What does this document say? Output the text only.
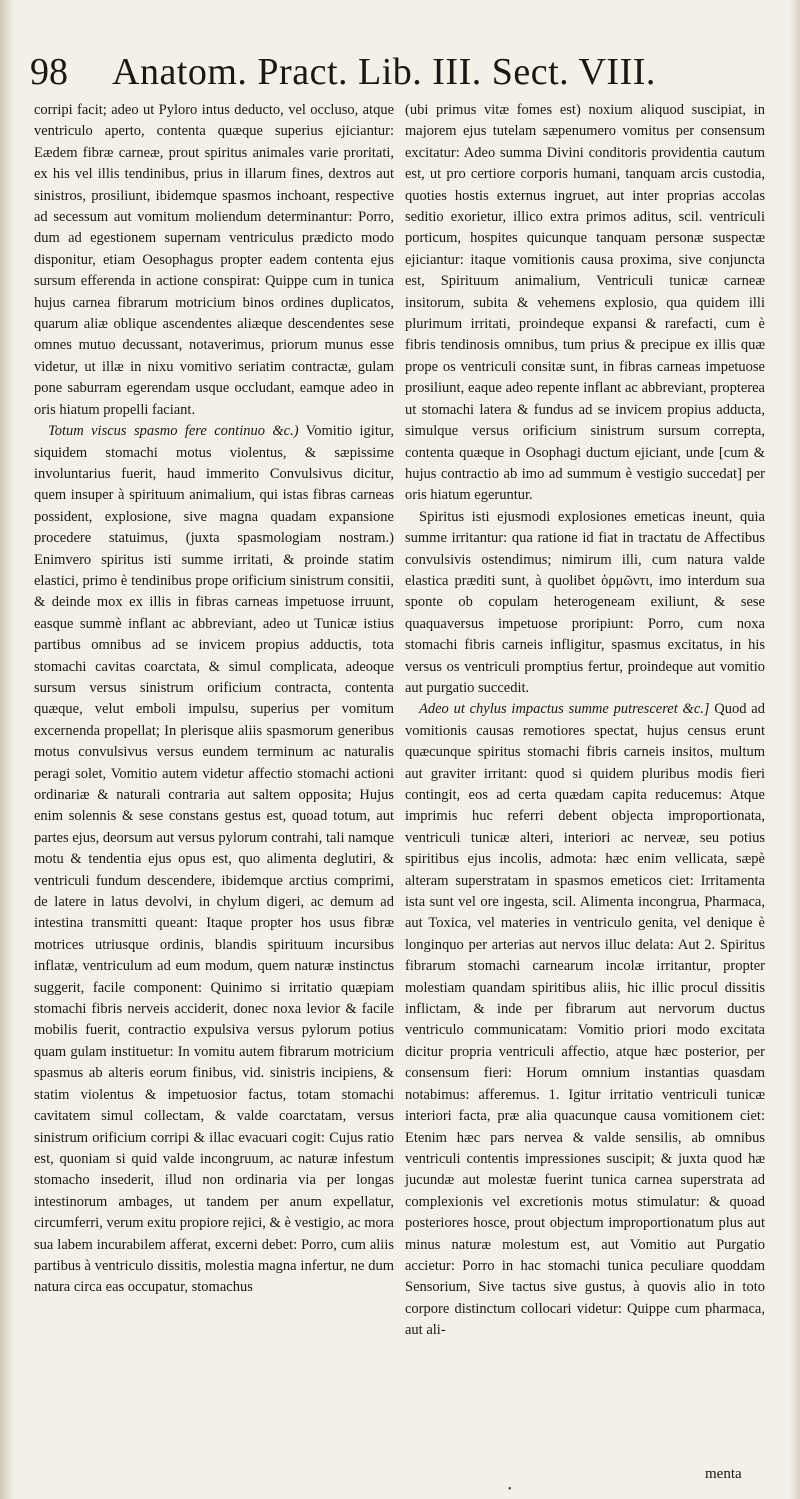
98 Anatom. Pract. Lib. III. Sect. VIII.

corripi facit; adeo ut Pyloro intus deducto, vel occluso, atque ventriculo aperto, contenta quæque superius ejiciantur: Eædem fibræ carneæ, prout spiritus animales varie proritati, ex his vel illis tendinibus, prius in illarum fines, dextros aut sinistros, prosiliunt, ibidemque spasmos inchoant, respective ad secessum aut vomitum moliendum determinantur: Porro, dum ad egestionem supernam ventriculus prædicto modo disponitur, etiam Oesophagus propter eadem contenta ejus sursum efferenda in actione conspirat: Quippe cum in tunica hujus carnea fibrarum motricium binos ordines duplicatos, quarum aliæ oblique ascendentes aliæque descendentes sese omnes mutuo decussant, notaverimus, priorum munus esse videtur, ut illæ in nixu vomitivo seriatim contractæ, gulam pone saburram egerendam usque occludant, eamque adeo in oris hiatum propelli faciant.

Totum viscus spasmo fere continuo &c.) Vomitio igitur, siquidem stomachi motus violentus, & sæpissime involuntarius fuerit, haud immerito Convulsivus dicitur, quem insuper à spirituum animalium, qui istas fibras carneas possident, explosione, sive magna quadam expansione procedere statuimus, (juxta spasmologiam nostram.) Enimvero spiritus isti summe irritati, & proinde statim elastici, primo è tendinibus prope orificium sinistrum consitii, & deinde mox ex illis in fibras carneas impetuose irruunt, easque summè inflant ac abbreviant, adeo ut Tunicæ istius partibus omnibus ad se invicem propius adductis, tota stomachi cavitas coarctata, & simul complicata, adeoque sursum versus sinistrum orificium contracta, contenta quæque, velut emboli impulsu, superius per vomitum excernenda propellat; In plerisque aliis spasmorum generibus motus convulsivus versus eundem terminum ac naturalis peragi solet, Vomitio autem videtur affectio stomachi actioni ordinariæ & naturali contraria aut saltem opposita; Hujus enim solennis & sese constans gestus est, quoad totum, aut partes ejus, deorsum aut versus pylorum contrahi, tali namque motu & tendentia ejus opus est, quo alimenta deglutiri, & ventriculi fundum descendere, ibidemque arctius comprimi, de latere in latus devolvi, in chylum digeri, ac demum ad intestina transmitti queant: Itaque propter hos usus fibræ motrices utriusque ordinis, blandis spirituum incursibus inflatæ, ventriculum ad eum modum, quem naturæ instinctus suggerit, facile component: Quinimo si irritatio quæpiam stomachi fibris nerveis acciderit, donec noxa levior & facile mobilis fuerit, contractio expulsiva versus pylorum potius quam gulam instituetur: In vomitu autem fibrarum motricium spasmus ab alteris eorum finibus, vid. sinistris incipiens, & statim violentus & impetuosior factus, totam stomachi cavitatem simul collectam, & valde coarctatam, versus sinistrum orificium corripi & illac evacuari cogit: Cujus ratio est, quoniam si quid valde incongruum, ac naturæ infestum stomacho insederit, illud non ordinaria via per longas intestinorum ambages, ut tandem per anum expellatur, circumferri, verum exitu propiore rejici, & è vestigio, ac mora sua labem incurabilem afferat, excerni debet: Porro, cum aliis partibus à ventriculo dissitis, molestia magna infertur, ne dum natura circa eas occupatur, stomachus

(ubi primus vitæ fomes est) noxium aliquod suscipiat, in majorem ejus tutelam sæpenumero vomitus per consensum excitatur: Adeo summa Divini conditoris providentia cautum est, ut pro certiore corporis humani, tanquam arcis custodia, quoties hostis externus ingruet, aut inter proprias accolas seditio exorietur, illico extra primos aditus, scil. ventriculi porticum, hospites quicunque tanquam personæ suspectæ ejiciantur: itaque vomitionis causa proxima, sive conjuncta est, Spirituum animalium, Ventriculi tunicæ carneæ insitorum, subita & vehemens explosio, qua quidem illi plurimum irritati, proindeque expansi & rarefacti, cum è fibris tendinosis omnibus, tum prius & precipue ex illis quæ prope os ventriculi consitæ sunt, in fibras carneas impetuose prosiliunt, eaque adeo repente inflant ac abbreviant, propterea ut stomachi latera & fundus ad se invicem propius adducta, simulque versus orificium sinistrum sursum correpta, contenta quæque in Osophagi ductum ejiciant, unde [cum & hujus contractio ab imo ad summum è vestigio succedat] per oris hiatum egeruntur.

Spiritus isti ejusmodi explosiones emeticas ineunt, quia summe irritantur: qua ratione id fiat in tractatu de Affectibus convulsivis ostendimus; nimirum illi, cum natura valde elastica præditi sunt, à quolibet ὁρμῶντι, imo interdum sua sponte ob copulam heterogeneam exiliunt, & sese quaquaversus impetuose proripiunt: Porro, cum noxa stomachi fibris carneis infligitur, spasmus excitatus, in his versus os ventriculi promptius fertur, proindeque aut vomitio aut purgatio succedit.

Adeo ut chylus impactus summe putresceret &c.] Quod ad vomitionis causas remotiores spectat, hujus census erunt quæcunque spiritus stomachi fibris carneis insitos, multum aut graviter irritant: quod si quidem pluribus modis fieri contingit, eos ad certa quædam capita reducemus: Atque imprimis huc referri debent objecta improportionata, ventriculi tunicæ alteri, interiori ac nerveæ, seu potius spiritibus ejus incolis, admota: hæc enim vellicata, sæpè alteram superstratam in spasmos emeticos ciet: Irritamenta ista sunt vel ore ingesta, scil. Alimenta incongrua, Pharmaca, aut Toxica, vel materies in ventriculo genita, vel denique è longinquo per arterias aut nervos illuc delata: Aut 2. Spiritus fibrarum stomachi carnearum incolæ irritantur, propter molestiam quandam spiritibus aliis, hic illic procul dissitis inflictam, & inde per fibrarum aut nervorum ductus ventriculo communicatam: Vomitio priori modo excitata dicitur propria ventriculi affectio, atque hæc posterior, per consensum fieri: Horum omnium instantias quasdam notabimus: afferemus. 1. Igitur irritatio ventriculi tunicæ interiori facta, præ alia quacunque causa vomitionem ciet: Etenim hæc pars nervea & valde sensilis, ab omnibus ventriculi contentis impressiones suscipit; & juxta quod hæ jucundæ aut molestæ fuerint tunica carnea superstrata ad complexionis vel excretionis motus stimulatur: & quoad posteriores hosce, prout objectum improportionatum plus aut minus naturæ molestum est, aut Vomitio aut Purgatio accietur: Porro in hac stomachi tunica peculiare quoddam Sensorium, Sive tactus sive gustus, à quovis alio in toto corpore distinctum collocari videtur: Quippe cum pharmaca, aut ali-

menta
•
